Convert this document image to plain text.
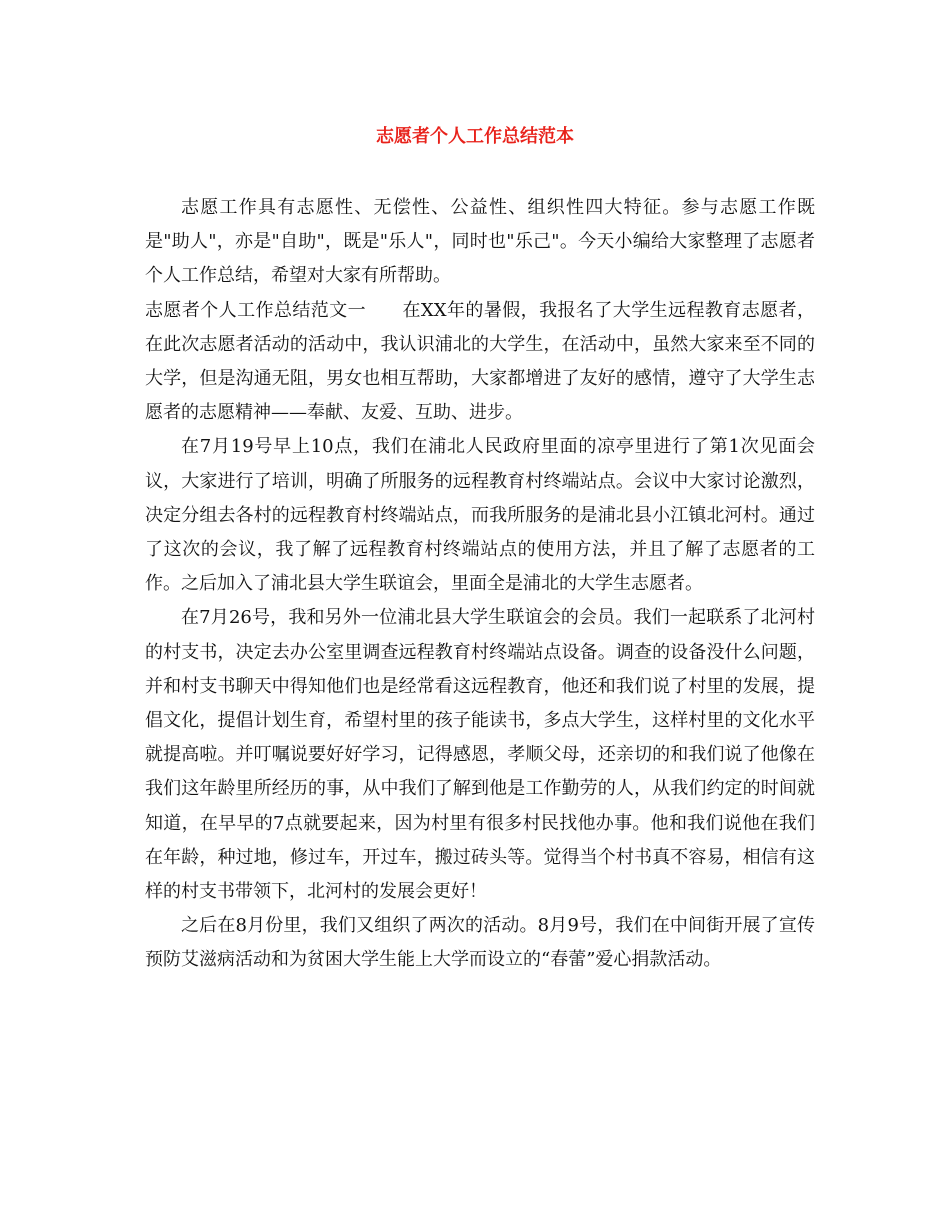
志愿者个人工作总结范本

志愿工作具有志愿性、无偿性、公益性、组织性四大特征。参与志愿工作既是"助人"，亦是"自助"，既是"乐人"，同时也"乐己"。今天小编给大家整理了志愿者个人工作总结，希望对大家有所帮助。

志愿者个人工作总结范文一 在XX年的暑假，我报名了大学生远程教育志愿者，在此次志愿者活动的活动中，我认识浦北的大学生，在活动中，虽然大家来至不同的大学，但是沟通无阻，男女也相互帮助，大家都增进了友好的感情，遵守了大学生志愿者的志愿精神——奉献、友爱、互助、进步。

在7月19号早上10点，我们在浦北人民政府里面的凉亭里进行了第1次见面会议，大家进行了培训，明确了所服务的远程教育村终端站点。会议中大家讨论激烈，决定分组去各村的远程教育村终端站点，而我所服务的是浦北县小江镇北河村。通过了这次的会议，我了解了远程教育村终端站点的使用方法，并且了解了志愿者的工作。之后加入了浦北县大学生联谊会，里面全是浦北的大学生志愿者。

在7月26号，我和另外一位浦北县大学生联谊会的会员。我们一起联系了北河村的村支书，决定去办公室里调查远程教育村终端站点设备。调查的设备没什么问题，并和村支书聊天中得知他们也是经常看这远程教育，他还和我们说了村里的发展，提倡文化，提倡计划生育，希望村里的孩子能读书，多点大学生，这样村里的文化水平就提高啦。并叮嘱说要好好学习，记得感恩，孝顺父母，还亲切的和我们说了他像在我们这年龄里所经历的事，从中我们了解到他是工作勤劳的人，从我们约定的时间就知道，在早早的7点就要起来，因为村里有很多村民找他办事。他和我们说他在我们在年龄，种过地，修过车，开过车，搬过砖头等。觉得当个村书真不容易，相信有这样的村支书带领下，北河村的发展会更好！

之后在8月份里，我们又组织了两次的活动。8月9号，我们在中间街开展了宣传预防艾滋病活动和为贫困大学生能上大学而设立的“春蕾”爱心捐款活动。
